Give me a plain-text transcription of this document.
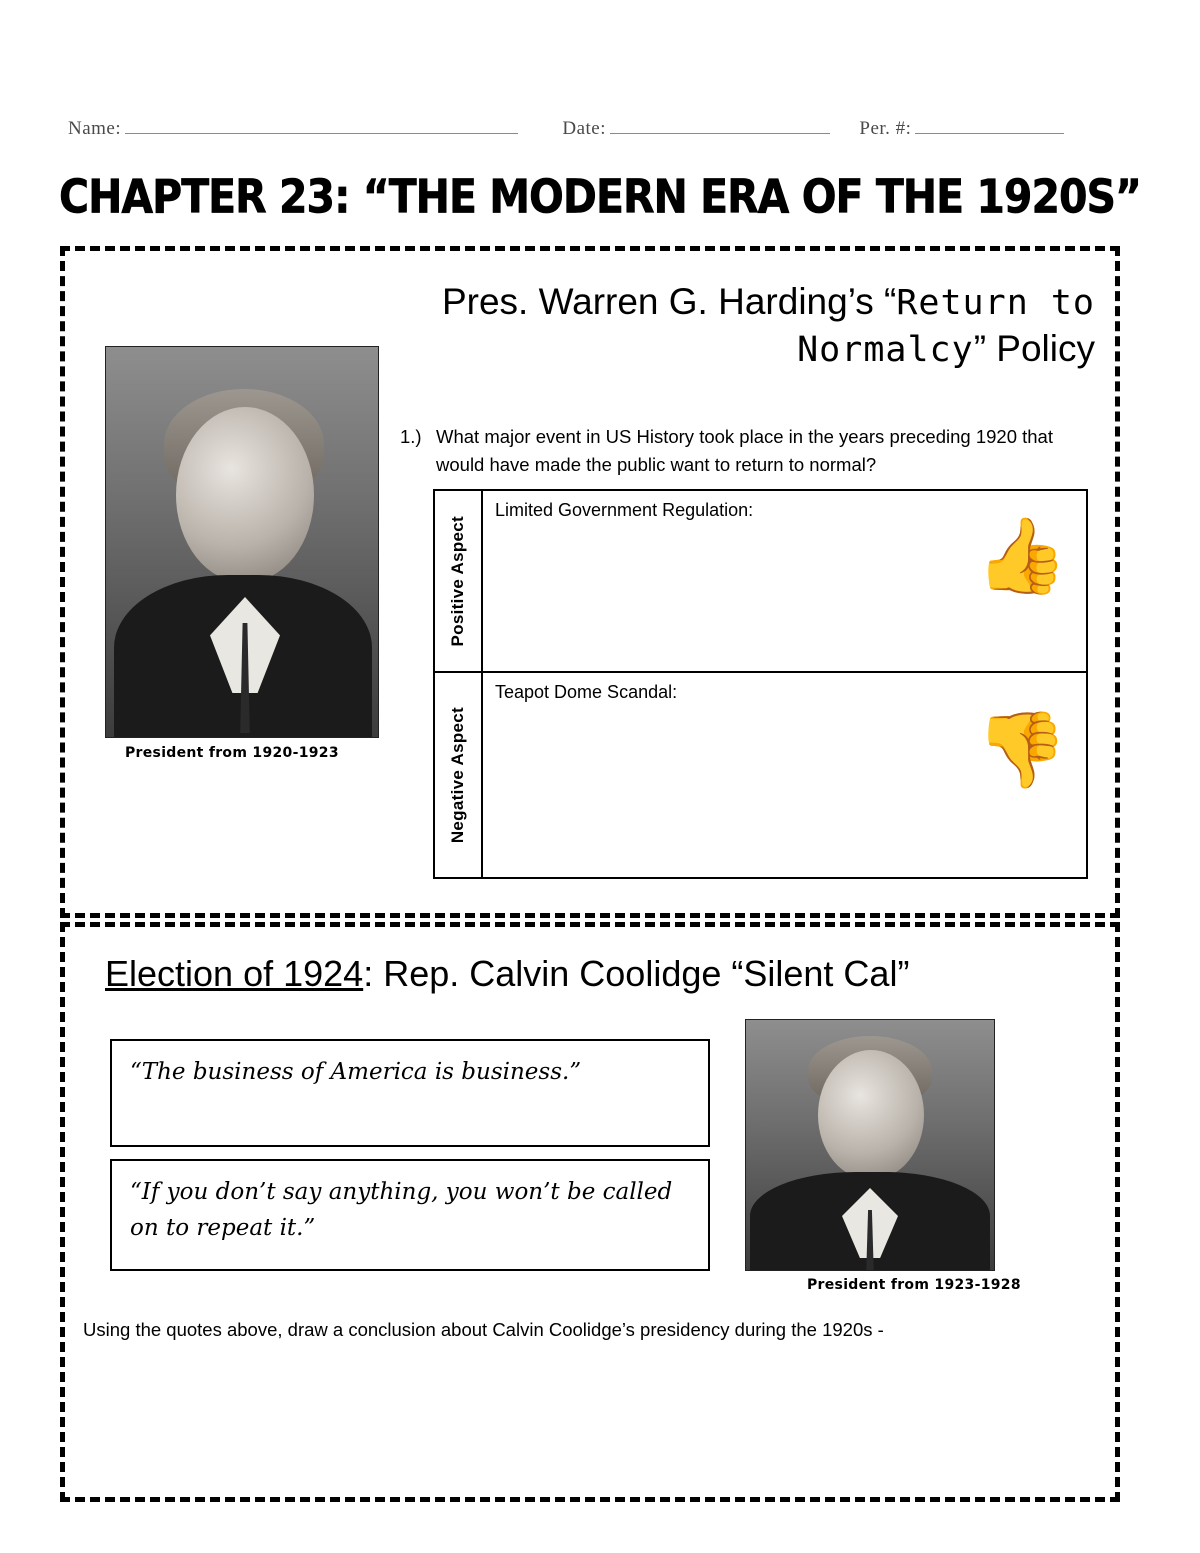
Name:	Date:	Per. #:
CHAPTER 23: “THE MODERN ERA OF THE 1920S”
Pres. Warren G. Harding’s “Return to
Normalcy” Policy
President from 1920-1923
1.) What major event in US History took place in the years preceding 1920 that would have made the public want to return to normal?
Positive Aspect
Limited Government Regulation:
👍
Negative Aspect
Teapot Dome Scandal:
👎
Election of 1924: Rep. Calvin Coolidge “Silent Cal”
“The business of America is business.”
“If you don’t say anything, you won’t be called on to repeat it.”
President from 1923-1928
Using the quotes above, draw a conclusion about Calvin Coolidge’s presidency during the 1920s -
